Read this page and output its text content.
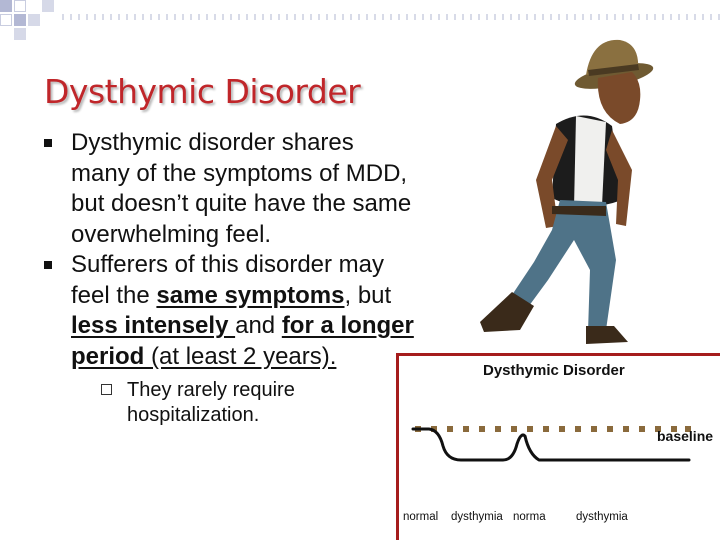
Dysthymic Disorder
Dysthymic disorder shares many of the symptoms of MDD, but doesn’t quite have the same overwhelming feel.
Sufferers of this disorder may feel the same symptoms, but less intensely and for a longer period (at least 2 years).
They rarely require hospitalization.
Dysthymic Disorder
baseline
normal dysthymia norma	dysthymia
